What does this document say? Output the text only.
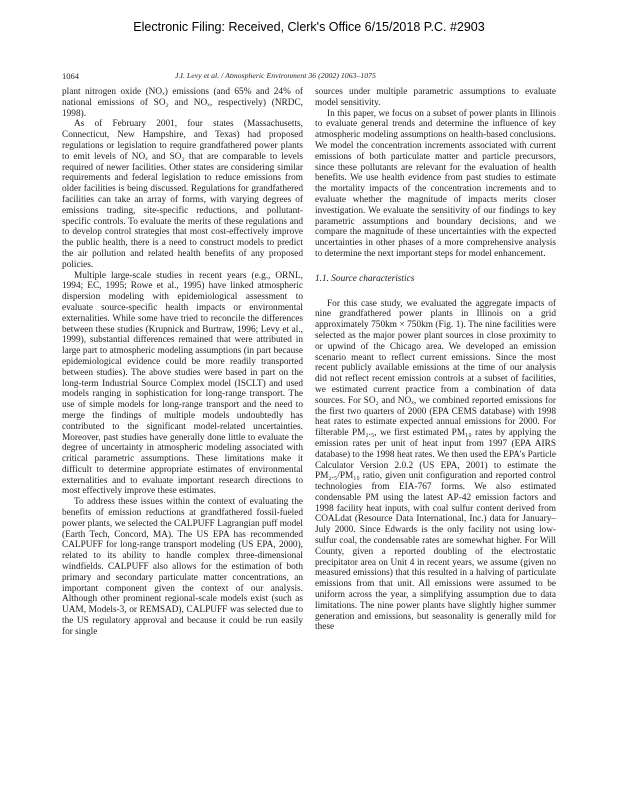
Electronic Filing: Received, Clerk's Office 6/15/2018 P.C. #2903
1064	J.I. Levy et al. / Atmospheric Environment 36 (2002) 1063–1075

plant nitrogen oxide (NOₓ) emissions (and 65% and 24% of national emissions of SO₂ and NOₓ, respectively) (NRDC, 1998).

As of February 2001, four states (Massachusetts, Connecticut, New Hampshire, and Texas) had proposed regulations or legislation to require grandfathered power plants to emit levels of NOₓ and SO₂ that are comparable to levels required of newer facilities. Other states are considering similar requirements and federal legislation to reduce emissions from older facilities is being discussed. Regulations for grandfathered facilities can take an array of forms, with varying degrees of emissions trading, site-specific reductions, and pollutant-specific controls. To evaluate the merits of these regulations and to develop control strategies that most cost-effectively improve the public health, there is a need to construct models to predict the air pollution and related health benefits of any proposed policies.

Multiple large-scale studies in recent years (e.g., ORNL, 1994; EC, 1995; Rowe et al., 1995) have linked atmospheric dispersion modeling with epidemiological assessment to evaluate source-specific health impacts or environmental externalities. While some have tried to reconcile the differences between these studies (Krupnick and Burtraw, 1996; Levy et al., 1999), substantial differences remained that were attributed in large part to atmospheric modeling assumptions (in part because epidemiological evidence could be more readily transported between studies). The above studies were based in part on the long-term Industrial Source Complex model (ISCLT) and used models ranging in sophistication for long-range transport. The use of simple models for long-range transport and the need to merge the findings of multiple models undoubtedly has contributed to the significant model-related uncertainties. Moreover, past studies have generally done little to evaluate the degree of uncertainty in atmospheric modeling associated with critical parametric assumptions. These limitations make it difficult to determine appropriate estimates of environmental externalities and to evaluate important research directions to most effectively improve these estimates.

To address these issues within the context of evaluating the benefits of emission reductions at grandfathered fossil-fueled power plants, we selected the CALPUFF Lagrangian puff model (Earth Tech, Concord, MA). The US EPA has recommended CALPUFF for long-range transport modeling (US EPA, 2000), related to its ability to handle complex three-dimensional windfields. CALPUFF also allows for the estimation of both primary and secondary particulate matter concentrations, an important component given the context of our analysis. Although other prominent regional-scale models exist (such as UAM, Models-3, or REMSAD), CALPUFF was selected due to the US regulatory approval and because it could be run easily for single

sources under multiple parametric assumptions to evaluate model sensitivity.

In this paper, we focus on a subset of power plants in Illinois to evaluate general trends and determine the influence of key atmospheric modeling assumptions on health-based conclusions. We model the concentration increments associated with current emissions of both particulate matter and particle precursors, since these pollutants are relevant for the evaluation of health benefits. We use health evidence from past studies to estimate the mortality impacts of the concentration increments and to evaluate whether the magnitude of impacts merits closer investigation. We evaluate the sensitivity of our findings to key parametric assumptions and boundary decisions, and we compare the magnitude of these uncertainties with the expected uncertainties in other phases of a more comprehensive analysis to determine the next important steps for model enhancement.

1.1. Source characteristics

For this case study, we evaluated the aggregate impacts of nine grandfathered power plants in Illinois on a grid approximately 750km × 750km (Fig. 1). The nine facilities were selected as the major power plant sources in close proximity to or upwind of the Chicago area. We developed an emission scenario meant to reflect current emissions. Since the most recent publicly available emissions at the time of our analysis did not reflect recent emission controls at a subset of facilities, we estimated current practice from a combination of data sources. For SO₂ and NOₓ, we combined reported emissions for the first two quarters of 2000 (EPA CEMS database) with 1998 heat rates to estimate expected annual emissions for 2000. For filterable PM₂.₅, we first estimated PM₁₀ rates by applying the emission rates per unit of heat input from 1997 (EPA AIRS database) to the 1998 heat rates. We then used the EPA's Particle Calculator Version 2.0.2 (US EPA, 2001) to estimate the PM₂.₅/PM₁₀ ratio, given unit configuration and reported control technologies from EIA-767 forms. We also estimated condensable PM using the latest AP-42 emission factors and 1998 facility heat inputs, with coal sulfur content derived from COALdat (Resource Data International, Inc.) data for January–July 2000. Since Edwards is the only facility not using low-sulfur coal, the condensable rates are somewhat higher. For Will County, given a reported doubling of the electrostatic precipitator area on Unit 4 in recent years, we assume (given no measured emissions) that this resulted in a halving of particulate emissions from that unit. All emissions were assumed to be uniform across the year, a simplifying assumption due to data limitations. The nine power plants have slightly higher summer generation and emissions, but seasonality is generally mild for these
